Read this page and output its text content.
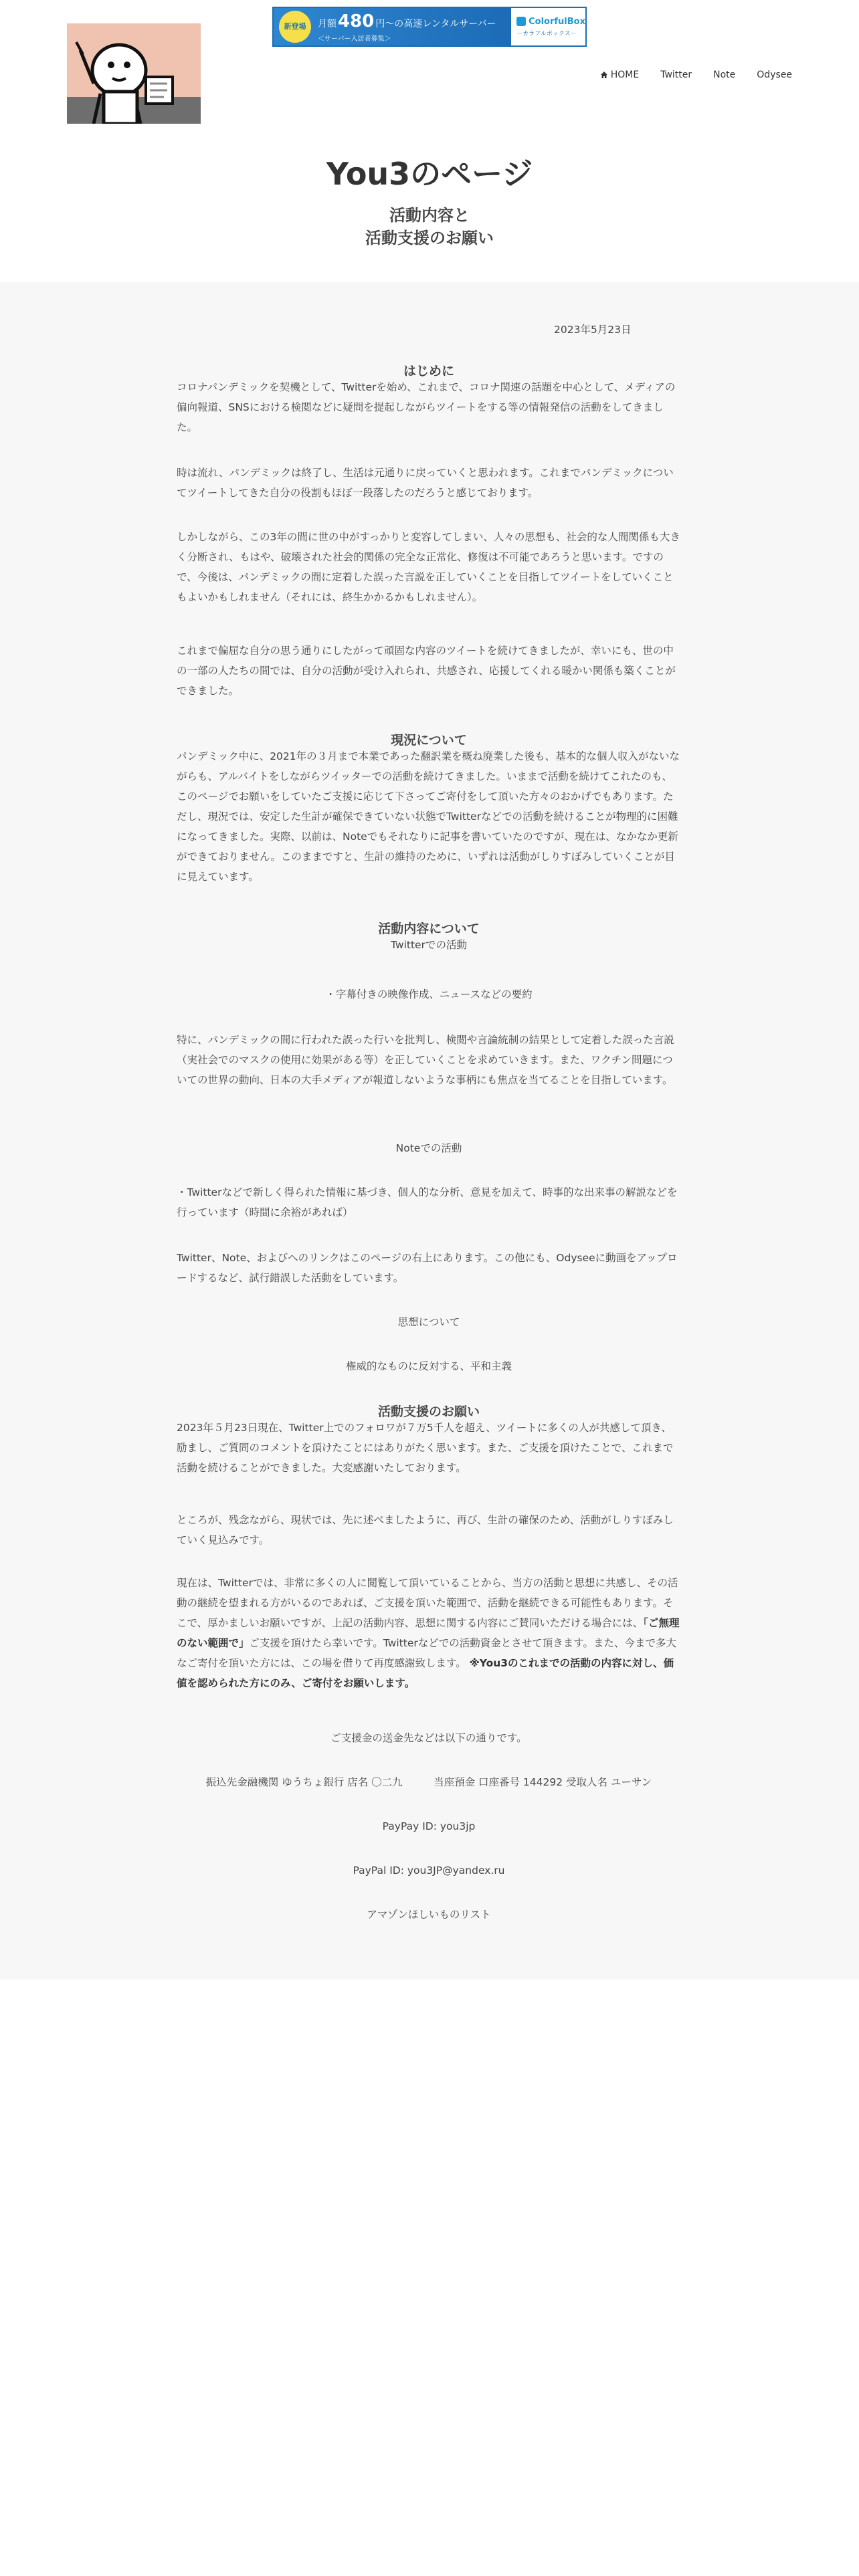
新登場	月額480 円～の高速レンタルサーバー
＜サーバー入居者募集＞
ColorfulBox
－カラフルボックス－
HOME Twitter Note Odysee
You3のページ
活動内容と
活動支援のお願い
2023年5月23日
はじめに

コロナパンデミックを契機として、Twitterを始め、これまで、コロナ関連の話題を中心として、メディアの偏向報道、SNSにおける検閲などに疑問を提起しながらツイートをする等の情報発信の活動をしてきました。

時は流れ、パンデミックは終了し、生活は元通りに戻っていくと思われます。これまでパンデミックについてツイートしてきた自分の役割もほぼ一段落したのだろうと感じております。

しかしながら、この3年の間に世の中がすっかりと変容してしまい、人々の思想も、社会的な人間関係も大きく分断され、もはや、破壊された社会的関係の完全な正常化、修復は不可能であろうと思います。ですので、今後は、パンデミックの間に定着した誤った言説を正していくことを目指してツイートをしていくこともよいかもしれません（それには、終生かかるかもしれません）。

これまで偏屈な自分の思う通りにしたがって頑固な内容のツイートを続けてきましたが、幸いにも、世の中の一部の人たちの間では、自分の活動が受け入れられ、共感され、応援してくれる暖かい関係も築くことができました。

現況について

パンデミック中に、2021年の３月まで本業であった翻訳業を概ね廃業した後も、基本的な個人収入がないながらも、アルバイトをしながらツイッターでの活動を続けてきました。いままで活動を続けてこれたのも、このページでお願いをしていたご支援に応じて下さってご寄付をして頂いた方々のおかげでもあります。ただし、現況では、安定した生計が確保できていない状態でTwitterなどでの活動を続けることが物理的に困難になってきました。実際、以前は、Noteでもそれなりに記事を書いていたのですが、現在は、なかなか更新ができておりません。このままですと、生計の維持のために、いずれは活動がしりすぼみしていくことが目に見えています。

活動内容について
Twitterでの活動
・字幕付きの映像作成、ニュースなどの要約

特に、パンデミックの間に行われた誤った行いを批判し、検閲や言論統制の結果として定着した誤った言説（実社会でのマスクの使用に効果がある等）を正していくことを求めていきます。また、ワクチン問題についての世界の動向、日本の大手メディアが報道しないような事柄にも焦点を当てることを目指しています。

Noteでの活動

・Twitterなどで新しく得られた情報に基づき、個人的な分析、意見を加えて、時事的な出来事の解説などを行っています（時間に余裕があれば）

Twitter、Note、およびへのリンクはこのページの右上にあります。この他にも、Odyseeに動画をアップロードするなど、試行錯誤した活動をしています。

思想について
権威的なものに反対する、平和主義
活動支援のお願い

2023年５月23日現在、Twitter上でのフォロワが７万5千人を超え、ツイートに多くの人が共感して頂き、励まし、ご質問のコメントを頂けたことにはありがたく思います。また、ご支援を頂けたことで、これまで活動を続けることができました。大変感謝いたしております。

ところが、残念ながら、現状では、先に述べましたように、再び、生計の確保のため、活動がしりすぼみしていく見込みです。

現在は、Twitterでは、非常に多くの人に閲覧して頂いていることから、当方の活動と思想に共感し、その活動の継続を望まれる方がいるのであれば、ご支援を頂いた範囲で、活動を継続できる可能性もあります。そこで、厚かましいお願いですが、上記の活動内容、思想に関する内容にご賛同いただける場合には、「ご無理のない範囲で」ご支援を頂けたら幸いです。Twitterなどでの活動資金とさせて頂きます。また、今まで多大なご寄付を頂いた方には、この場を借りて再度感謝致します。 ※You3のこれまでの活動の内容に対し、価値を認められた方にのみ、ご寄付をお願いします。

ご支援金の送金先などは以下の通りです。
振込先金融機関 ゆうちょ銀行 店名 〇二九　　　当座預金 口座番号 144292 受取人名 ユーサン
PayPay ID: you3jp
PayPal ID: you3JP@yandex.ru
アマゾンほしいものリスト
